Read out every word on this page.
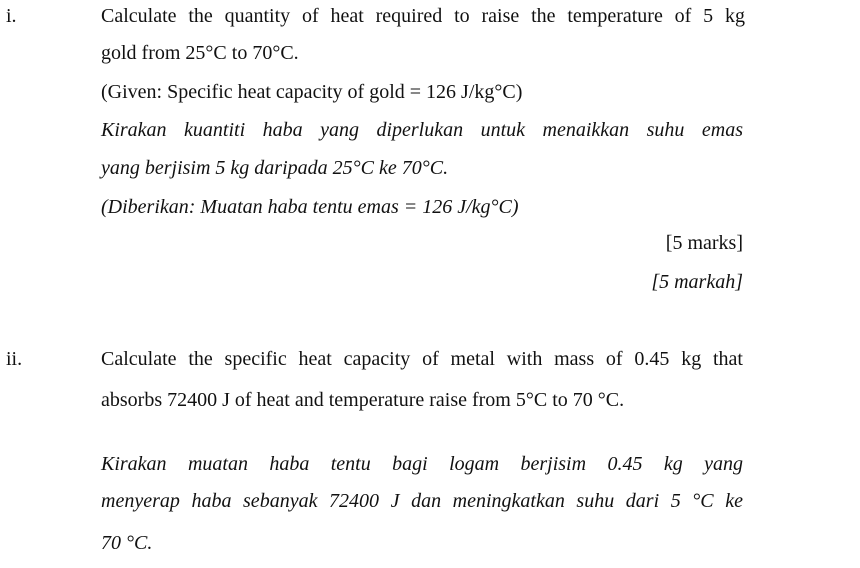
i.	Calculate the quantity of heat required to raise the temperature of 5 kg
gold from 25°C to 70°C.
(Given: Specific heat capacity of gold = 126 J/kg°C)
Kirakan kuantiti haba yang diperlukan untuk menaikkan suhu emas
yang berjisim 5 kg daripada 25°C ke 70°C.
(Diberikan: Muatan haba tentu emas = 126 J/kg°C)
[5 marks]
[5 markah]
ii.	Calculate the specific heat capacity of metal with mass of 0.45 kg that
absorbs 72400 J of heat and temperature raise from 5°C to 70 °C.
Kirakan muatan haba tentu bagi logam berjisim 0.45 kg yang
menyerap haba sebanyak 72400 J dan meningkatkan suhu dari 5 °C ke
70 °C.
